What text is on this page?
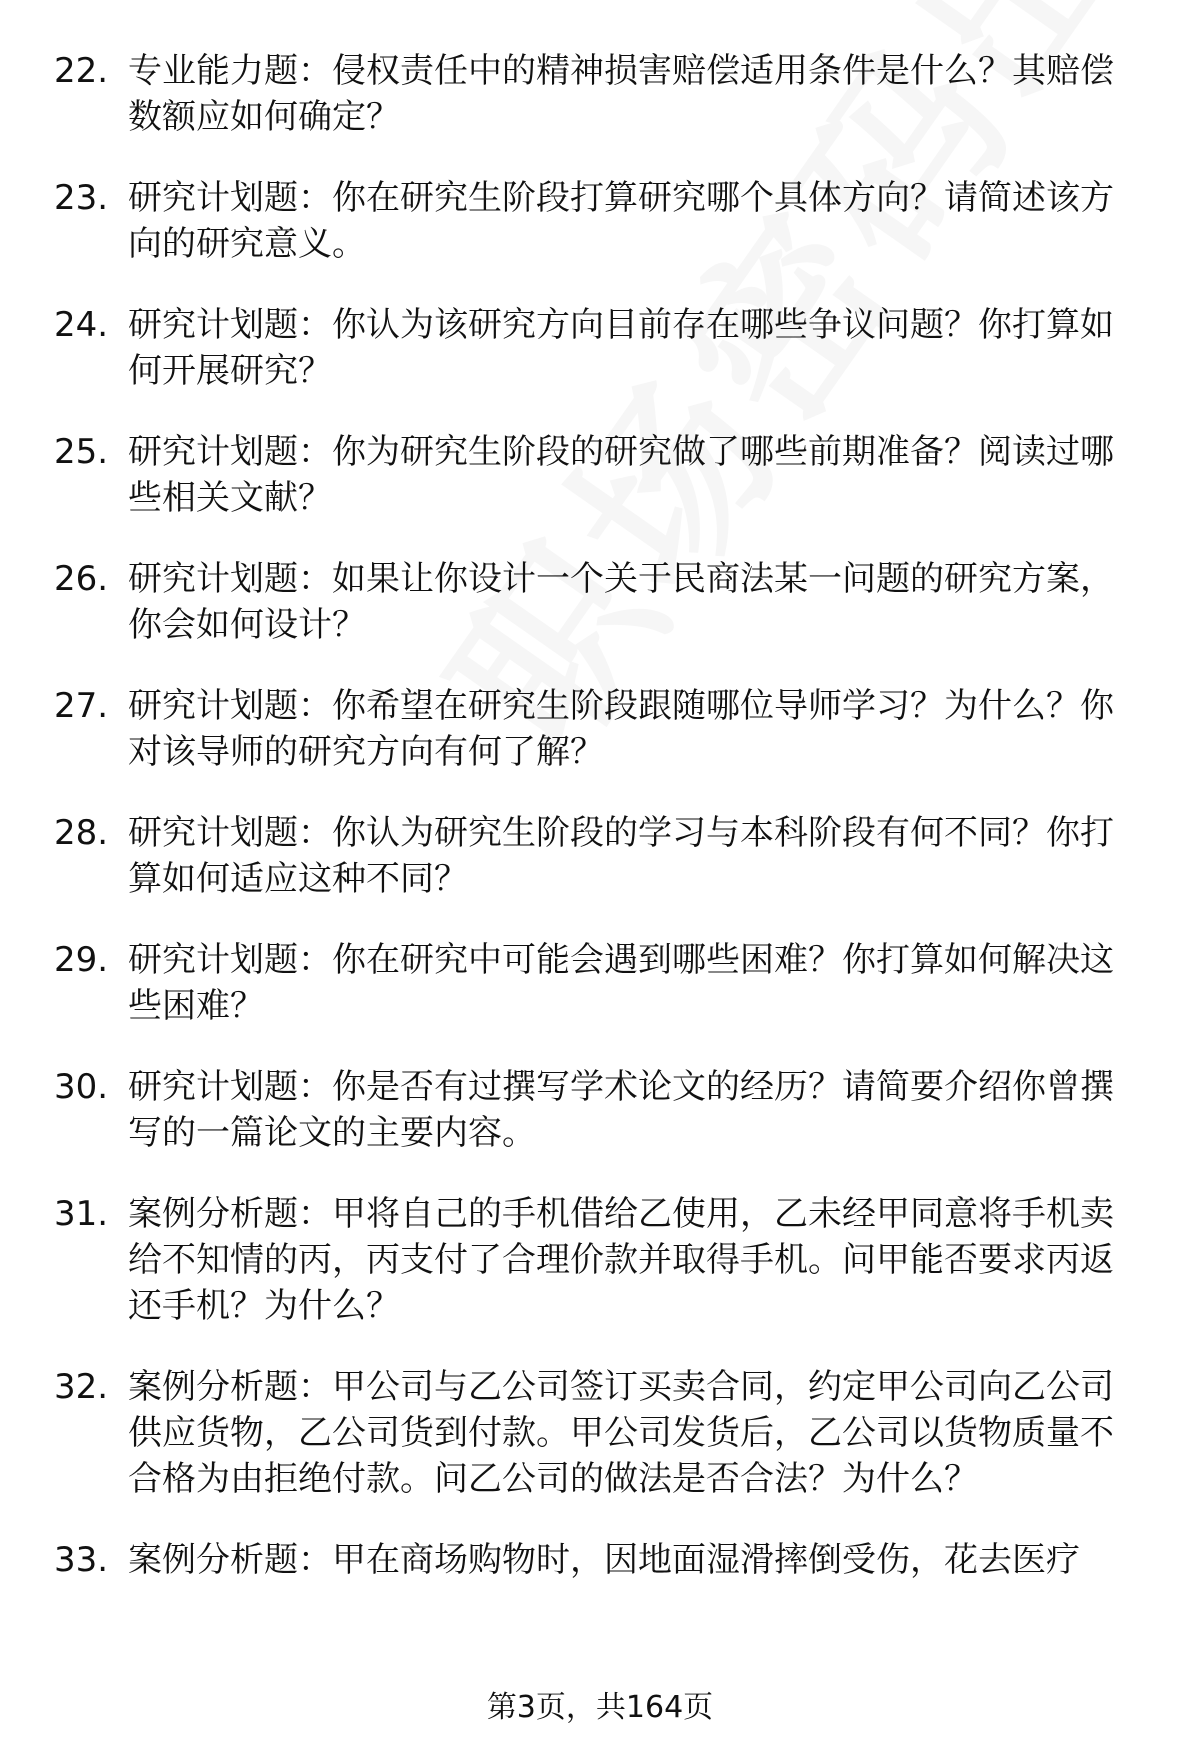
22. 专业能力题：侵权责任中的精神损害赔偿适用条件是什么？其赔偿数额应如何确定？
23. 研究计划题：你在研究生阶段打算研究哪个具体方向？请简述该方向的研究意义。
24. 研究计划题：你认为该研究方向目前存在哪些争议问题？你打算如何开展研究？
25. 研究计划题：你为研究生阶段的研究做了哪些前期准备？阅读过哪些相关文献？
26. 研究计划题：如果让你设计一个关于民商法某一问题的研究方案，你会如何设计？
27. 研究计划题：你希望在研究生阶段跟随哪位导师学习？为什么？你对该导师的研究方向有何了解？
28. 研究计划题：你认为研究生阶段的学习与本科阶段有何不同？你打算如何适应这种不同？
29. 研究计划题：你在研究中可能会遇到哪些困难？你打算如何解决这些困难？
30. 研究计划题：你是否有过撰写学术论文的经历？请简要介绍你曾撰写的一篇论文的主要内容。
31. 案例分析题：甲将自己的手机借给乙使用，乙未经甲同意将手机卖给不知情的丙，丙支付了合理价款并取得手机。问甲能否要求丙返还手机？为什么？
32. 案例分析题：甲公司与乙公司签订买卖合同，约定甲公司向乙公司供应货物，乙公司货到付款。甲公司发货后，乙公司以货物质量不合格为由拒绝付款。问乙公司的做法是否合法？为什么？
33. 案例分析题：甲在商场购物时，因地面湿滑摔倒受伤，花去医疗
第3页，共164页
